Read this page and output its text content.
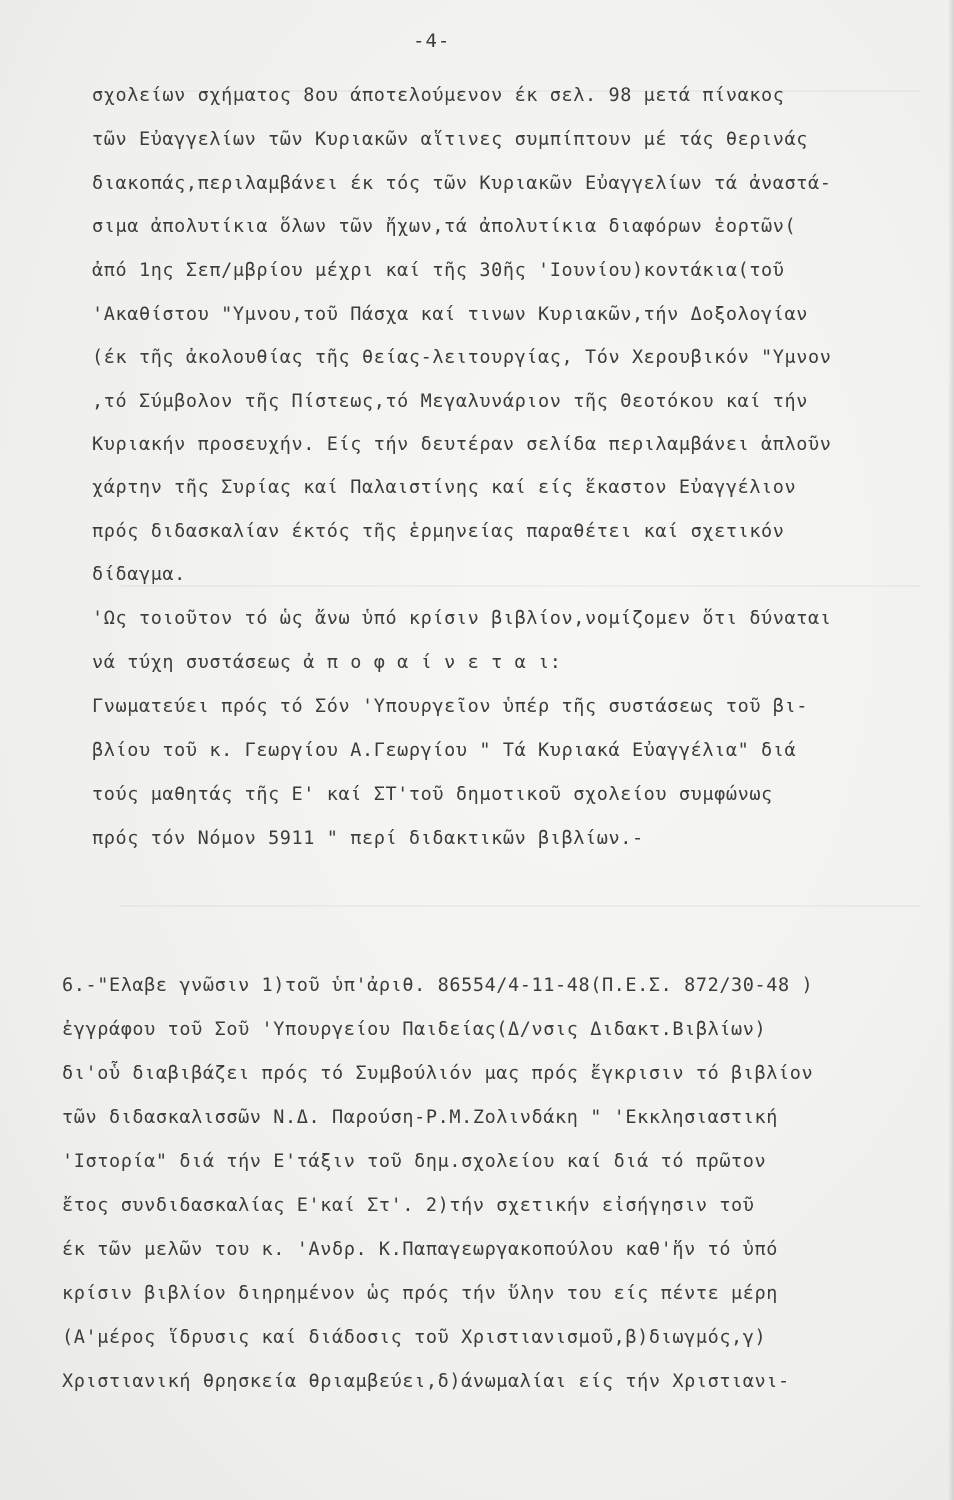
-4-
σχολείων σχήματος 8ου άποτελούμενον έκ σελ. 98 μετά πίνακος
τῶν Εὐαγγελίων τῶν Κυριακῶν αἵτινες συμπίπτουν μέ τάς θερινάς
διακοπάς,περιλαμβάνει έκ τός τῶν Κυριακῶν Εὐαγγελίων τά ἀναστά-
σιμα ἀπολυτίκια ὅλων τῶν ἤχων,τά ἀπολυτίκια διαφόρων ἑορτῶν(
ἀπό 1ης Σεπ/μβρίου μέχρι καί τῆς 30ῆς 'Ιουνίου)κοντάκια(τοῦ
'Ακαθίστου "Υμνου,τοῦ Πάσχα καί τινων Κυριακῶν,τήν Δοξολογίαν
(έκ τῆς ἀκολουθίας τῆς θείας-λειτουργίας, Τόν Χερουβικόν "Υμνον
,τό Σύμβολον τῆς Πίστεως,τό Μεγαλυνάριον τῆς Θεοτόκου καί τήν
Κυριακήν προσευχήν. Είς τήν δευτέραν σελίδα περιλαμβάνει ἁπλοῦν
χάρτην τῆς Συρίας καί Παλαιστίνης καί είς ἕκαστον Εὐαγγέλιον
πρός διδασκαλίαν έκτός τῆς ἑρμηνείας παραθέτει καί σχετικόν
δίδαγμα.
'Ως τοιοῦτον τό ὡς ἄνω ὑπό κρίσιν βιβλίον,νομίζομεν ὅτι δύναται
νά τύχη συστάσεως ἀ π ο φ α ί ν ε τ α ι:
Γνωματεύει πρός τό Σόν 'Υπουργεῖον ὑπέρ τῆς συστάσεως τοῦ βι-
βλίου τοῦ κ. Γεωργίου Α.Γεωργίου " Τά Κυριακά Εὐαγγέλια" διά
τούς μαθητάς τῆς Ε' καί ΣΤ'τοῦ δημοτικοῦ σχολείου συμφώνως
πρός τόν Νόμον 5911 " περί διδακτικῶν βιβλίων.-
6.-"Ελαβε γνῶσιν 1)τοῦ ὑπ'ἀριθ. 86554/4-11-48(Π.Ε.Σ. 872/30-48 )
ἐγγράφου τοῦ Σοῦ 'Υπουργείου Παιδείας(Δ/νσις Διδακτ.Βιβλίων)
δι'οὗ διαβιβάζει πρός τό Συμβούλιόν μας πρός ἔγκρισιν τό βιβλίον
τῶν διδασκαλισσῶν Ν.Δ. Παρούση-Ρ.Μ.Ζολινδάκη " 'Εκκλησιαστική
'Ιστορία" διά τήν Ε'τάξιν τοῦ δημ.σχολείου καί διά τό πρῶτον
ἔτος συνδιδασκαλίας Ε'καί Στ'. 2)τήν σχετικήν εἰσήγησιν τοῦ
έκ τῶν μελῶν του κ. 'Ανδρ. Κ.Παπαγεωργακοπούλου καθ'ἥν τό ὑπό
κρίσιν βιβλίον διηρημένον ὡς πρός τήν ὕλην του είς πέντε μέρη
(Α'μέρος ἵδρυσις καί διάδοσις τοῦ Χριστιανισμοῦ,β)διωγμός,γ)
Χριστιανική θρησκεία θριαμβεύει,δ)άνωμαλίαι είς τήν Χριστιανι-
